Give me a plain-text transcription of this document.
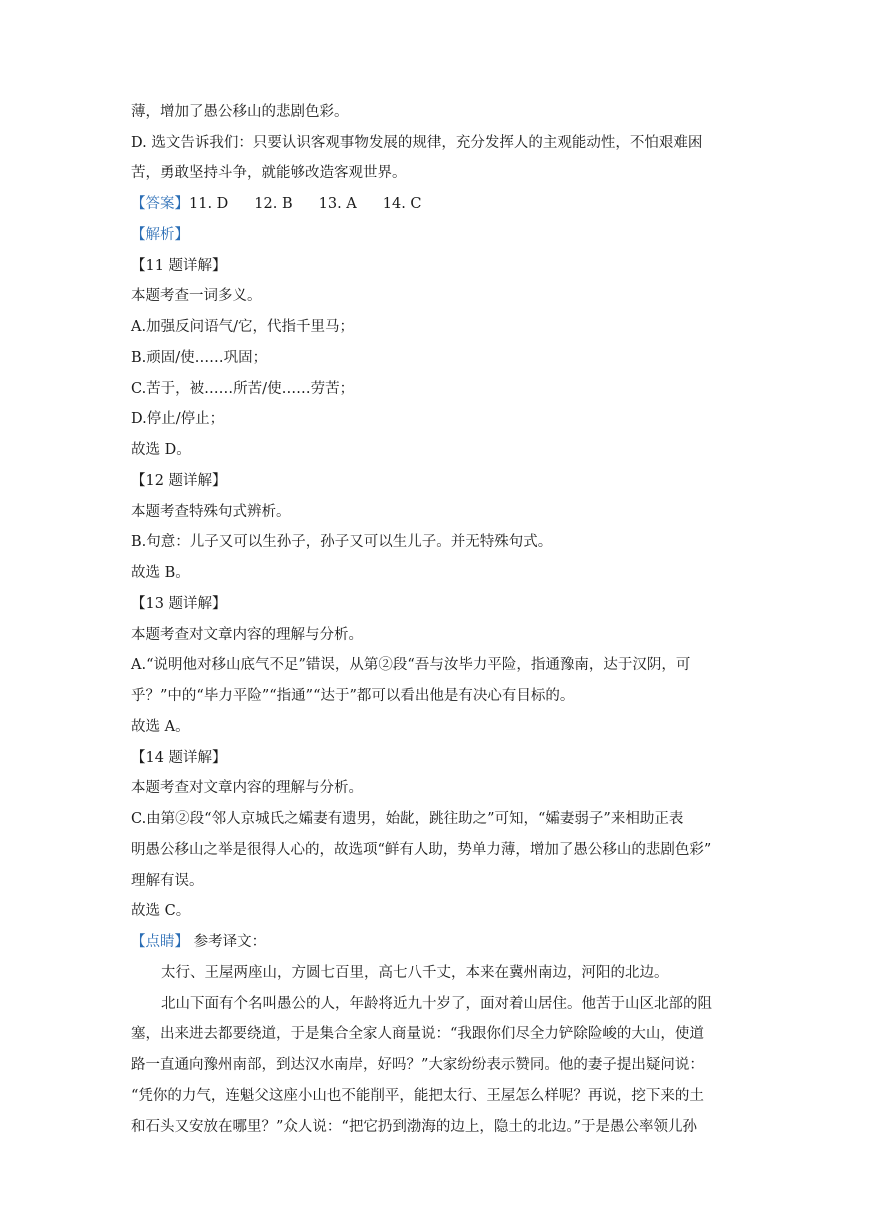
薄，增加了愚公移山的悲剧色彩。
D. 选文告诉我们：只要认识客观事物发展的规律，充分发挥人的主观能动性，不怕艰难困
苦，勇敢坚持斗争，就能够改造客观世界。
【答案】11. D 12. B 13. A 14. C
【解析】
【11 题详解】
本题考查一词多义。
A.加强反问语气/它，代指千里马；
B.顽固/使……巩固；
C.苦于，被……所苦/使……劳苦；
D.停止/停止；
故选 D。
【12 题详解】
本题考查特殊句式辨析。
B.句意：儿子又可以生孙子，孙子又可以生儿子。并无特殊句式。
故选 B。
【13 题详解】
本题考查对文章内容的理解与分析。
A.“说明他对移山底气不足”错误，从第②段“吾与汝毕力平险，指通豫南，达于汉阴，可
乎？”中的“毕力平险”“指通”“达于”都可以看出他是有决心有目标的。
故选 A。
【14 题详解】
本题考查对文章内容的理解与分析。
C.由第②段“邻人京城氏之孀妻有遗男，始龀，跳往助之”可知，“孀妻弱子”来相助正表
明愚公移山之举是很得人心的，故选项“鲜有人助，势单力薄，增加了愚公移山的悲剧色彩”
理解有误。
故选 C。
【点睛】 参考译文：
太行、王屋两座山，方圆七百里，高七八千丈，本来在冀州南边，河阳的北边。
北山下面有个名叫愚公的人，年龄将近九十岁了，面对着山居住。他苦于山区北部的阻
塞，出来进去都要绕道，于是集合全家人商量说：“我跟你们尽全力铲除险峻的大山，使道
路一直通向豫州南部，到达汉水南岸，好吗？”大家纷纷表示赞同。他的妻子提出疑问说：
“凭你的力气，连魁父这座小山也不能削平，能把太行、王屋怎么样呢？再说，挖下来的土
和石头又安放在哪里？”众人说：“把它扔到渤海的边上，隐土的北边。”于是愚公率领儿孙
